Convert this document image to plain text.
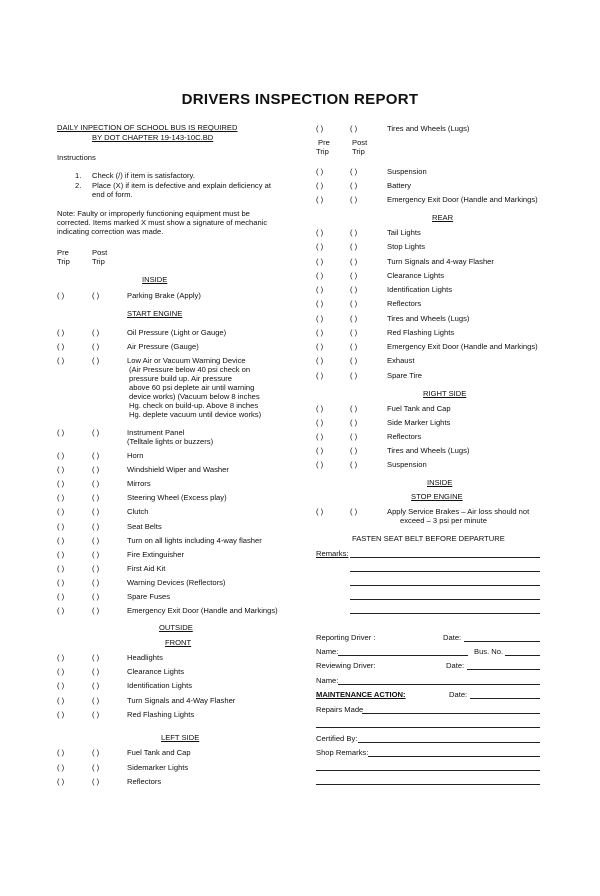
DRIVERS INSPECTION REPORT
DAILY INPECTION OF SCHOOL BUS IS REQUIRED
BY DOT CHAPTER 19-143-10C.BD
Instructions
1. Check (/) if item is satisfactory.
2. Place (X) if item is defective and explain deficiency at
end of form.
Note: Faulty or improperly functioning equipment must be
corrected. Items marked X must show a signature of mechanic
indicating correction was made.
Pre
Trip
Post
Trip
INSIDE
( )	( )	Parking Brake (Apply)
START ENGINE
( )	( )	Oil Pressure (Light or Gauge)
( )	( )	Air Pressure (Gauge)
( )	( )	Low Air or Vacuum Warning Device
(Air Pressure below 40 psi check on
pressure build up. Air pressure
above 60 psi deplete air until warning
device works) (Vacuum below 8 inches
Hg. check on build-up. Above 8 inches
Hg. deplete vacuum until device works)
( )	( )	Instrument Panel
(Telltale lights or buzzers)
( )	( )	Horn
( )	( )	Windshield Wiper and Washer
( )	( )	Mirrors
( )	( )	Steering Wheel (Excess play)
( )	( )	Clutch
( )	( )	Seat Belts
( )	( )	Turn on all lights including 4-way flasher
( )	( )	Fire Extinguisher
( )	( )	First Aid Kit
( )	( )	Warning Devices (Reflectors)
( )	( )	Spare Fuses
( )	( )	Emergency Exit Door (Handle and Markings)
OUTSIDE
FRONT
( )	( )	Headlights
( )	( )	Clearance Lights
( )	( )	Identification Lights
( )	( )	Turn Signals and 4-Way Flasher
( )	( )	Red Flashing Lights
LEFT SIDE
( )	( )	Fuel Tank and Cap
( )	( )	Sidemarker Lights
( )	( )	Reflectors
( )	( )	Tires and Wheels (Lugs)
Pre
Trip
Post
Trip
( )	( )	Suspension
( )	( )	Battery
( )	( )	Emergency Exit Door (Handle and Markings)
REAR
( )	( )	Tail Lights
( )	( )	Stop Lights
( )	( )	Turn Signals and 4-way Flasher
( )	( )	Clearance Lights
( )	( )	Identification Lights
( )	( )	Reflectors
( )	( )	Tires and Wheels (Lugs)
( )	( )	Red Flashing Lights
( )	( )	Emergency Exit Door (Handle and Markings)
( )	( )	Exhaust
( )	( )	Spare Tire
RIGHT SIDE
( )	( )	Fuel Tank and Cap
( )	( )	Side Marker Lights
( )	( )	Reflectors
( )	( )	Tires and Wheels (Lugs)
( )	( )	Suspension
INSIDE
STOP ENGINE
( )	( )	Apply Service Brakes – Air loss should not
exceed – 3 psi per minute
FASTEN SEAT BELT BEFORE DEPARTURE
Remarks:
Reporting Driver :	Date:
Name:	Bus. No.
Reviewing Driver:	Date:
Name:
MAINTENANCE ACTION:	Date:
Repairs Made
Certified By:
Shop Remarks:
